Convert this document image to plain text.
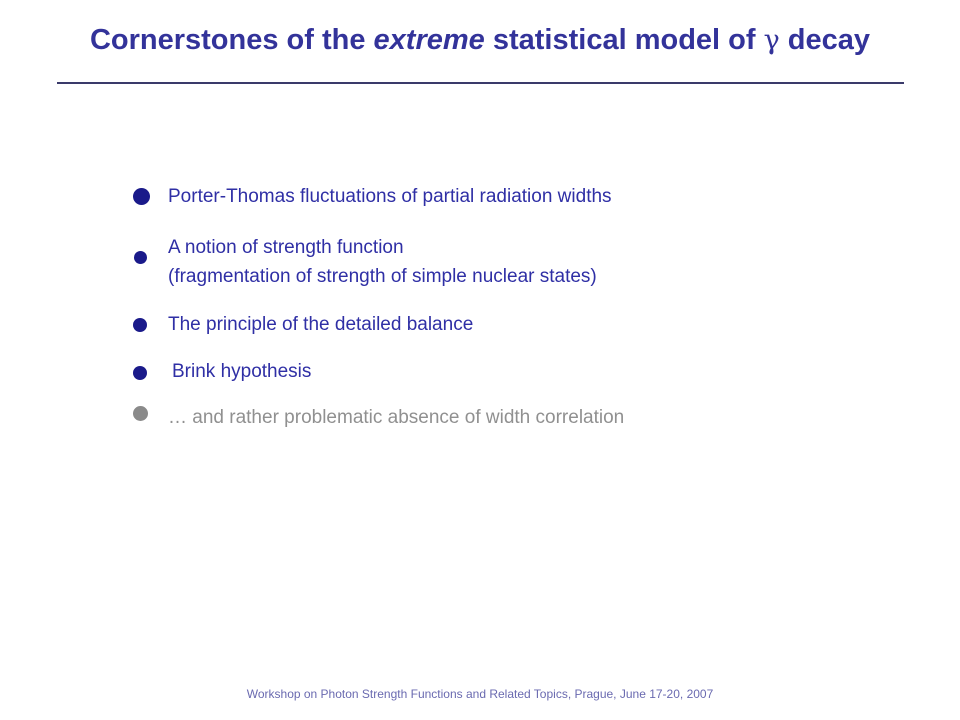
Cornerstones of the extreme statistical model of γ decay
Porter-Thomas fluctuations of partial radiation widths
A notion of strength function
(fragmentation of strength of simple nuclear states)
The principle of the detailed balance
Brink hypothesis
… and rather problematic absence of width correlation
Workshop on Photon Strength Functions and Related Topics, Prague, June 17-20, 2007
